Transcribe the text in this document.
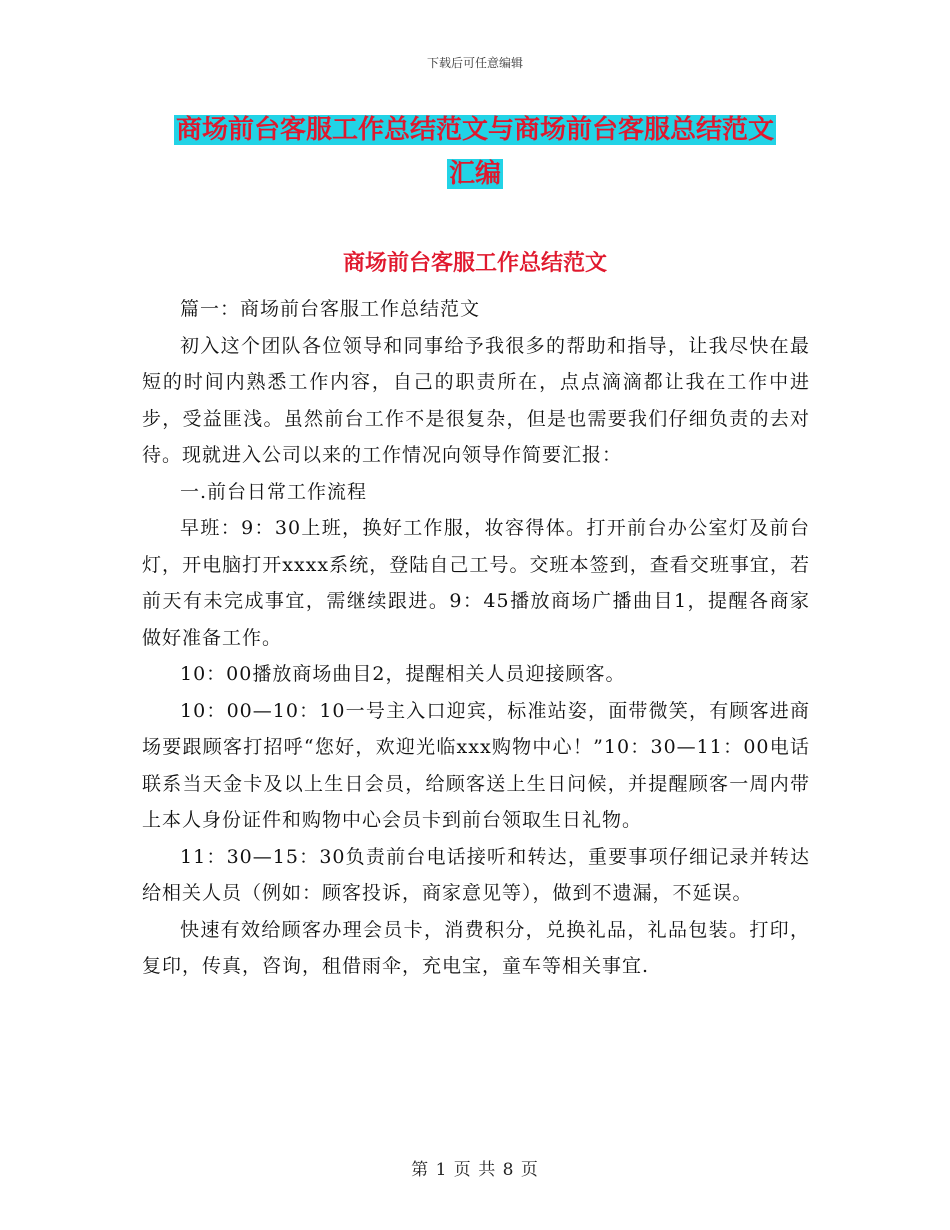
下载后可任意编辑
商场前台客服工作总结范文与商场前台客服总结范文
汇编
商场前台客服工作总结范文

篇一：商场前台客服工作总结范文

初入这个团队各位领导和同事给予我很多的帮助和指导，让我尽快在最短的时间内熟悉工作内容，自己的职责所在，点点滴滴都让我在工作中进步，受益匪浅。虽然前台工作不是很复杂，但是也需要我们仔细负责的去对待。现就进入公司以来的工作情况向领导作简要汇报：

一.前台日常工作流程

早班：9：30上班，换好工作服，妆容得体。打开前台办公室灯及前台灯，开电脑打开xxxx系统，登陆自己工号。交班本签到，查看交班事宜，若前天有未完成事宜，需继续跟进。9：45播放商场广播曲目1，提醒各商家做好准备工作。

10：00播放商场曲目2，提醒相关人员迎接顾客。

10：00—10：10一号主入口迎宾，标准站姿，面带微笑，有顾客进商场要跟顾客打招呼“您好，欢迎光临xxx购物中心！”10：30—11：00电话联系当天金卡及以上生日会员，给顾客送上生日问候，并提醒顾客一周内带上本人身份证件和购物中心会员卡到前台领取生日礼物。

11：30—15：30负责前台电话接听和转达，重要事项仔细记录并转达给相关人员（例如：顾客投诉，商家意见等），做到不遗漏，不延误。

快速有效给顾客办理会员卡，消费积分，兑换礼品，礼品包装。打印，复印，传真，咨询，租借雨伞，充电宝，童车等相关事宜.

第 1 页 共 8 页
